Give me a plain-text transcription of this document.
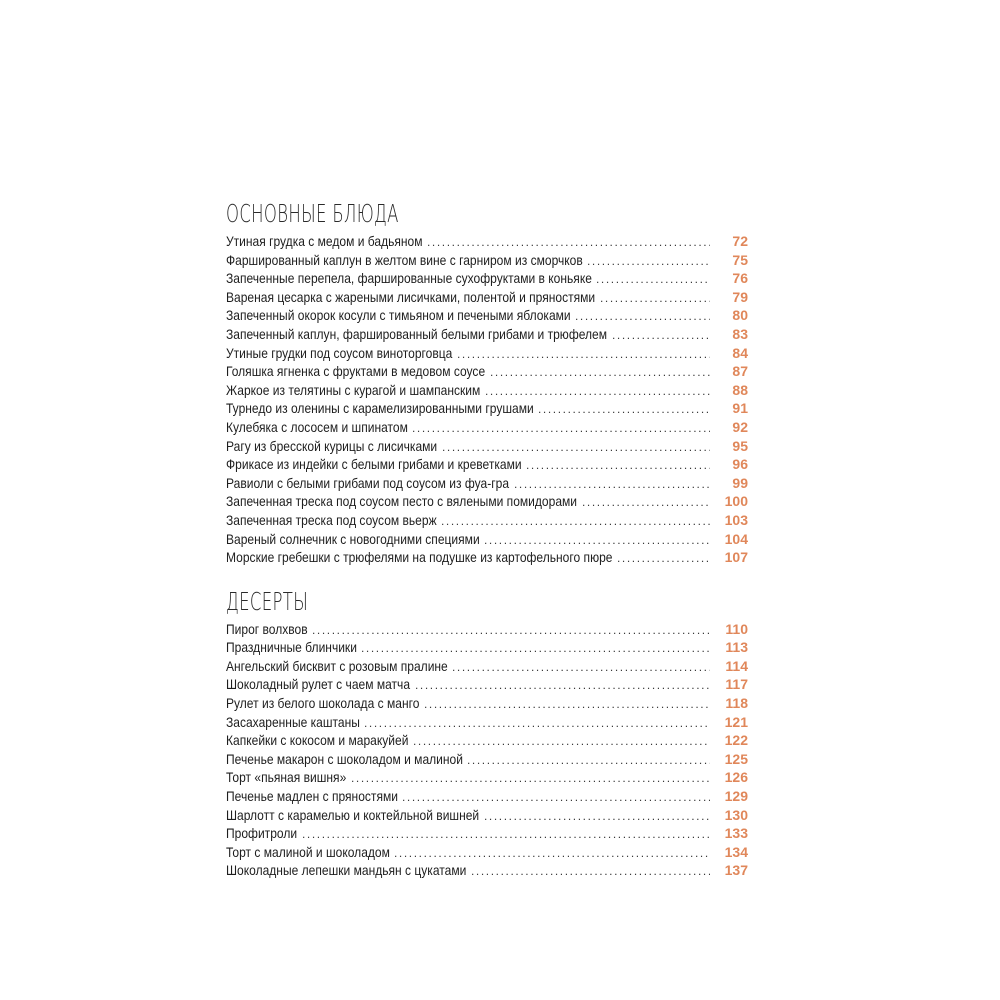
ОСНОВНЫЕ БЛЮДА
Утиная грудка с медом и бадьяном .....	72
Фаршированный каплун в желтом вине с гарниром из сморчков .....	75
Запеченные перепела, фаршированные сухофруктами в коньяке .....	76
Вареная цесарка с жареными лисичками, полентой и пряностями .....	79
Запеченный окорок косули с тимьяном и печеными яблоками .....	80
Запеченный каплун, фаршированный белыми грибами и трюфелем .....	83
Утиные грудки под соусом виноторговца .....	84
Голяшка ягненка с фруктами в медовом соусе .....	87
Жаркое из телятины с курагой и шампанским .....	88
Турнедо из оленины с карамелизированными грушами .....	91
Кулебяка с лососем и шпинатом .....	92
Рагу из бресской курицы с лисичками .....	95
Фрикасе из индейки с белыми грибами и креветками .....	96
Равиоли с белыми грибами под соусом из фуа-гра .....	99
Запеченная треска под соусом песто с вялеными помидорами .....	100
Запеченная треска под соусом вьерж .....	103
Вареный солнечник с новогодними специями .....	104
Морские гребешки с трюфелями на подушке из картофельного пюре .....	107
ДЕСЕРТЫ
Пирог волхвов .....	110
Праздничные блинчики .....	113
Ангельский бисквит с розовым пралине .....	114
Шоколадный рулет с чаем матча .....	117
Рулет из белого шоколада с манго .....	118
Засахаренные каштаны .....	121
Капкейки с кокосом и маракуйей .....	122
Печенье макарон с шоколадом и малиной .....	125
Торт «пьяная вишня» .....	126
Печенье мадлен с пряностями .....	129
Шарлотт с карамелью и коктейльной вишней .....	130
Профитроли .....	133
Торт с малиной и шоколадом .....	134
Шоколадные лепешки мандьян с цукатами .....	137
